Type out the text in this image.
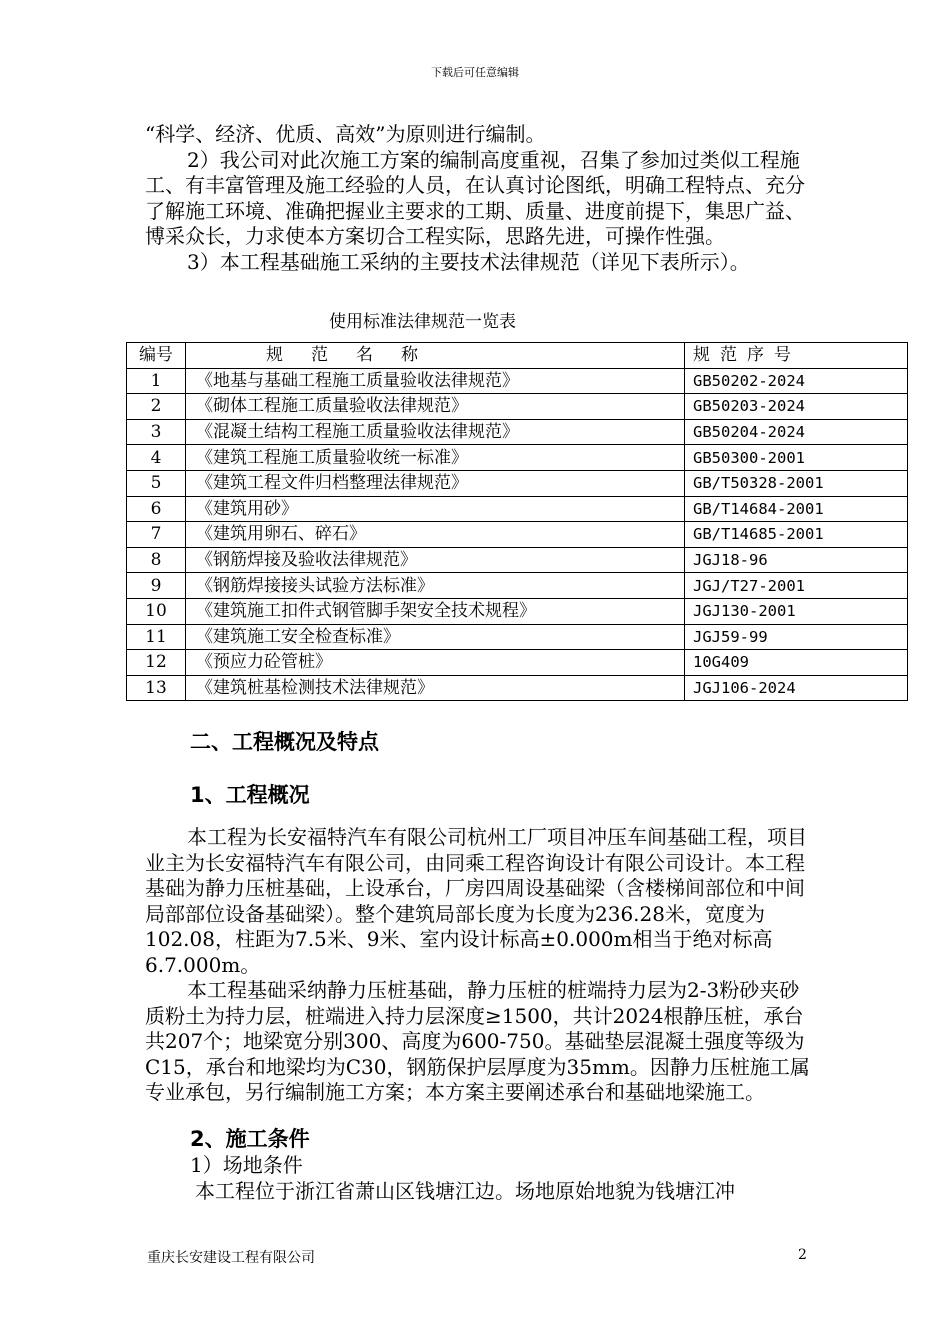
下载后可任意编辑

“科学、经济、优质、高效”为原则进行编制。

2）我公司对此次施工方案的编制高度重视，召集了参加过类似工程施工、有丰富管理及施工经验的人员，在认真讨论图纸，明确工程特点、充分了解施工环境、准确把握业主要求的工期、质量、进度前提下，集思广益、博采众长，力求使本方案切合工程实际，思路先进，可操作性强。

3）本工程基础施工采纳的主要技术法律规范（详见下表所示）。

使用标准法律规范一览表
编号	规范名称	规范序号
1	《地基与基础工程施工质量验收法律规范》	GB50202-2024
2	《砌体工程施工质量验收法律规范》	GB50203-2024
3	《混凝土结构工程施工质量验收法律规范》	GB50204-2024
4	《建筑工程施工质量验收统一标准》	GB50300-2001
5	《建筑工程文件归档整理法律规范》	GB/T50328-2001
6	《建筑用砂》	GB/T14684-2001
7	《建筑用卵石、碎石》	GB/T14685-2001
8	《钢筋焊接及验收法律规范》	JGJ18-96
9	《钢筋焊接接头试验方法标准》	JGJ/T27-2001
10	《建筑施工扣件式钢管脚手架安全技术规程》	JGJ130-2001
11	《建筑施工安全检查标准》	JGJ59-99
12	《预应力砼管桩》	10G409
13	《建筑桩基检测技术法律规范》	JGJ106-2024
二、工程概况及特点
1、工程概况

本工程为长安福特汽车有限公司杭州工厂项目冲压车间基础工程，项目业主为长安福特汽车有限公司，由同乘工程咨询设计有限公司设计。本工程基础为静力压桩基础，上设承台，厂房四周设基础梁（含楼梯间部位和中间局部部位设备基础梁）。整个建筑局部长度为长度为236.28米，宽度为102.08，柱距为7.5米、9米、室内设计标高±0.000m相当于绝对标高6.7.000m。

本工程基础采纳静力压桩基础，静力压桩的桩端持力层为2-3粉砂夹砂质粉土为持力层，桩端进入持力层深度≥1500，共计2024根静压桩，承台共207个；地梁宽分别300、高度为600-750。基础垫层混凝土强度等级为C15，承台和地梁均为C30，钢筋保护层厚度为35mm。因静力压桩施工属专业承包，另行编制施工方案；本方案主要阐述承台和基础地梁施工。

2、施工条件

1）场地条件

本工程位于浙江省萧山区钱塘江边。场地原始地貌为钱塘江冲

重庆长安建设工程有限公司	2
